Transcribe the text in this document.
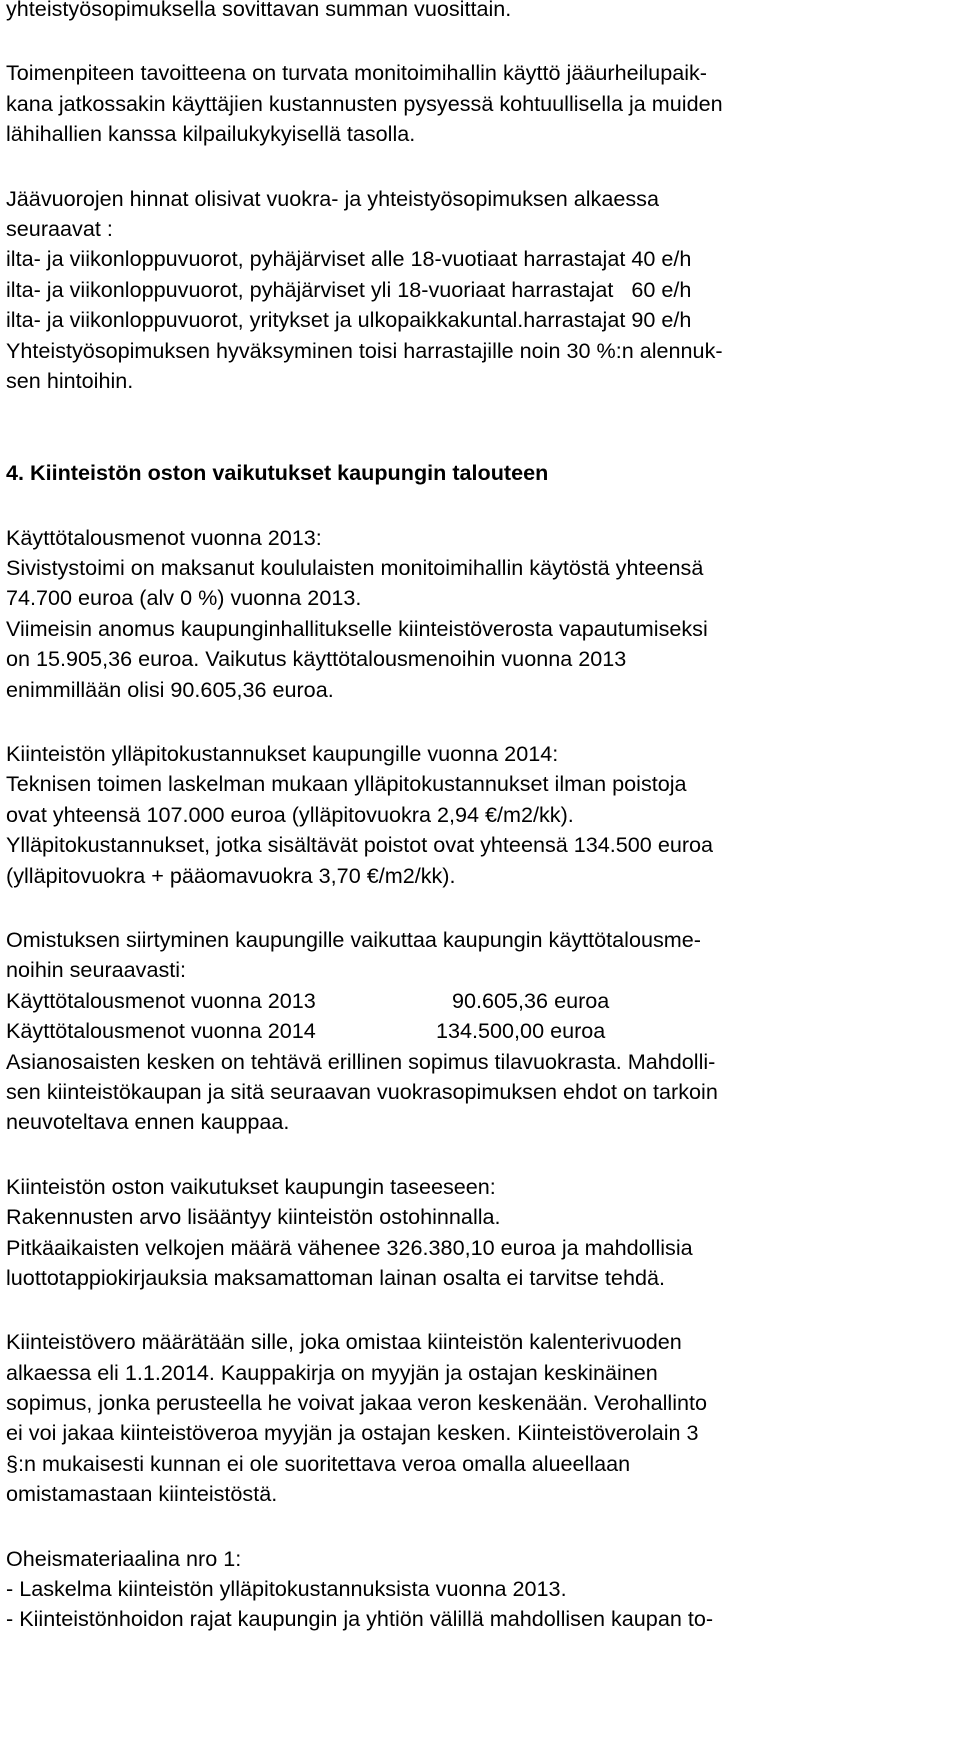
yhteistyösopimuksella sovittavan summan vuosittain.
Toimenpiteen tavoitteena on turvata monitoimihallin käyttö jääurheilupaik-
kana jatkossakin käyttäjien kustannusten pysyessä kohtuullisella ja muiden
lähihallien kanssa kilpailukykyisellä tasolla.
Jäävuorojen hinnat olisivat vuokra- ja yhteistyösopimuksen alkaessa
seuraavat :
ilta- ja viikonloppuvuorot, pyhäjärviset alle 18-vuotiaat harrastajat 40 e/h
ilta- ja viikonloppuvuorot, pyhäjärviset yli 18-vuoriaat harrastajat   60 e/h
ilta- ja viikonloppuvuorot, yritykset ja ulkopaikkakuntal.harrastajat 90 e/h
Yhteistyösopimuksen hyväksyminen toisi harrastajille noin 30 %:n alennuk-
sen hintoihin.
4. Kiinteistön oston vaikutukset kaupungin talouteen
Käyttötalousmenot vuonna 2013:
Sivistystoimi on maksanut koululaisten monitoimihallin käytöstä yhteensä
74.700 euroa (alv 0 %) vuonna 2013.
Viimeisin anomus kaupunginhallitukselle kiinteistöverosta vapautumiseksi
on 15.905,36 euroa. Vaikutus käyttötalousmenoihin vuonna 2013
enimmillään olisi 90.605,36 euroa.
Kiinteistön ylläpitokustannukset kaupungille vuonna 2014:
Teknisen toimen laskelman mukaan ylläpitokustannukset ilman poistoja
ovat yhteensä 107.000 euroa (ylläpitovuokra 2,94 €/m2/kk).
Ylläpitokustannukset, jotka sisältävät poistot ovat yhteensä 134.500 euroa
(ylläpitovuokra + pääomavuokra 3,70 €/m2/kk).
Omistuksen siirtyminen kaupungille vaikuttaa kaupungin käyttötalousme-
noihin seuraavasti:
Käyttötalousmenot vuonna 2013	90.605,36 euroa
Käyttötalousmenot vuonna 2014	134.500,00 euroa
Asianosaisten kesken on tehtävä erillinen sopimus tilavuokrasta. Mahdolli-
sen kiinteistökaupan ja sitä seuraavan vuokrasopimuksen ehdot on tarkoin
neuvoteltava ennen kauppaa.
Kiinteistön oston vaikutukset kaupungin taseeseen:
Rakennusten arvo lisääntyy kiinteistön ostohinnalla.
Pitkäaikaisten velkojen määrä vähenee 326.380,10 euroa ja mahdollisia
luottotappiokirjauksia maksamattoman lainan osalta ei tarvitse tehdä.
Kiinteistövero määrätään sille, joka omistaa kiinteistön kalenterivuoden
alkaessa eli 1.1.2014. Kauppakirja on myyjän ja ostajan keskinäinen
sopimus, jonka perusteella he voivat jakaa veron keskenään. Verohallinto
ei voi jakaa kiinteistöveroa myyjän ja ostajan kesken. Kiinteistöverolain 3
§:n mukaisesti kunnan ei ole suoritettava veroa omalla alueellaan
omistamastaan kiinteistöstä.
Oheismateriaalina nro 1:
- Laskelma kiinteistön ylläpitokustannuksista vuonna 2013.
- Kiinteistönhoidon rajat kaupungin ja yhtiön välillä mahdollisen kaupan to-
